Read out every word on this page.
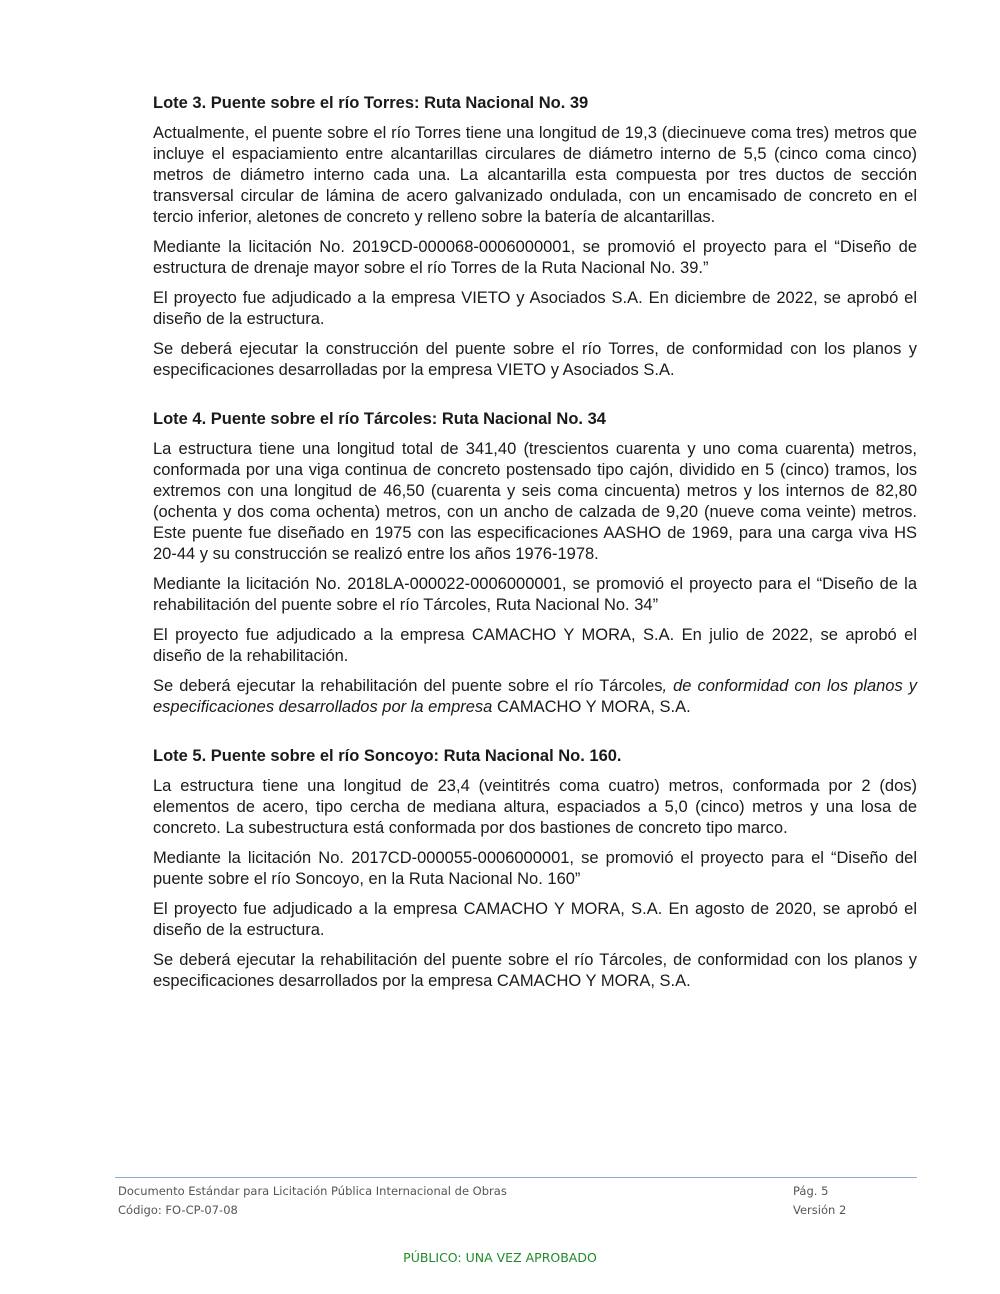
Lote 3. Puente sobre el río Torres: Ruta Nacional No. 39

Actualmente, el puente sobre el río Torres tiene una longitud de 19,3 (diecinueve coma tres) metros que incluye el espaciamiento entre alcantarillas circulares de diámetro interno de 5,5 (cinco coma cinco) metros de diámetro interno cada una. La alcantarilla esta compuesta por tres ductos de sección transversal circular de lámina de acero galvanizado ondulada, con un encamisado de concreto en el tercio inferior, aletones de concreto y relleno sobre la batería de alcantarillas.

Mediante la licitación No. 2019CD-000068-0006000001, se promovió el proyecto para el “Diseño de estructura de drenaje mayor sobre el río Torres de la Ruta Nacional No. 39.”

El proyecto fue adjudicado a la empresa VIETO y Asociados S.A. En diciembre de 2022, se aprobó el diseño de la estructura.

Se deberá ejecutar la construcción del puente sobre el río Torres, de conformidad con los planos y especificaciones desarrolladas por la empresa VIETO y Asociados S.A.

Lote 4. Puente sobre el río Tárcoles: Ruta Nacional No. 34

La estructura tiene una longitud total de 341,40 (trescientos cuarenta y uno coma cuarenta) metros, conformada por una viga continua de concreto postensado tipo cajón, dividido en 5 (cinco) tramos, los extremos con una longitud de 46,50 (cuarenta y seis coma cincuenta) metros y los internos de 82,80 (ochenta y dos coma ochenta) metros, con un ancho de calzada de 9,20 (nueve coma veinte) metros. Este puente fue diseñado en 1975 con las especificaciones AASHO de 1969, para una carga viva HS 20-44 y su construcción se realizó entre los años 1976-1978.

Mediante la licitación No. 2018LA-000022-0006000001, se promovió el proyecto para el “Diseño de la rehabilitación del puente sobre el río Tárcoles, Ruta Nacional No. 34”

El proyecto fue adjudicado a la empresa CAMACHO Y MORA, S.A. En julio de 2022, se aprobó el diseño de la rehabilitación.

Se deberá ejecutar la rehabilitación del puente sobre el río Tárcoles, de conformidad con los planos y especificaciones desarrollados por la empresa CAMACHO Y MORA, S.A.

Lote 5. Puente sobre el río Soncoyo: Ruta Nacional No. 160.

La estructura tiene una longitud de 23,4 (veintitrés coma cuatro) metros, conformada por 2 (dos) elementos de acero, tipo cercha de mediana altura, espaciados a 5,0 (cinco) metros y una losa de concreto. La subestructura está conformada por dos bastiones de concreto tipo marco.

Mediante la licitación No. 2017CD-000055-0006000001, se promovió el proyecto para el “Diseño del puente sobre el río Soncoyo, en la Ruta Nacional No. 160”

El proyecto fue adjudicado a la empresa CAMACHO Y MORA, S.A. En agosto de 2020, se aprobó el diseño de la estructura.

Se deberá ejecutar la rehabilitación del puente sobre el río Tárcoles, de conformidad con los planos y especificaciones desarrollados por la empresa CAMACHO Y MORA, S.A.

Documento Estándar para Licitación Pública Internacional de Obras	Pág. 5
Código: FO-CP-07-08	Versión 2
PÚBLICO: UNA VEZ APROBADO
